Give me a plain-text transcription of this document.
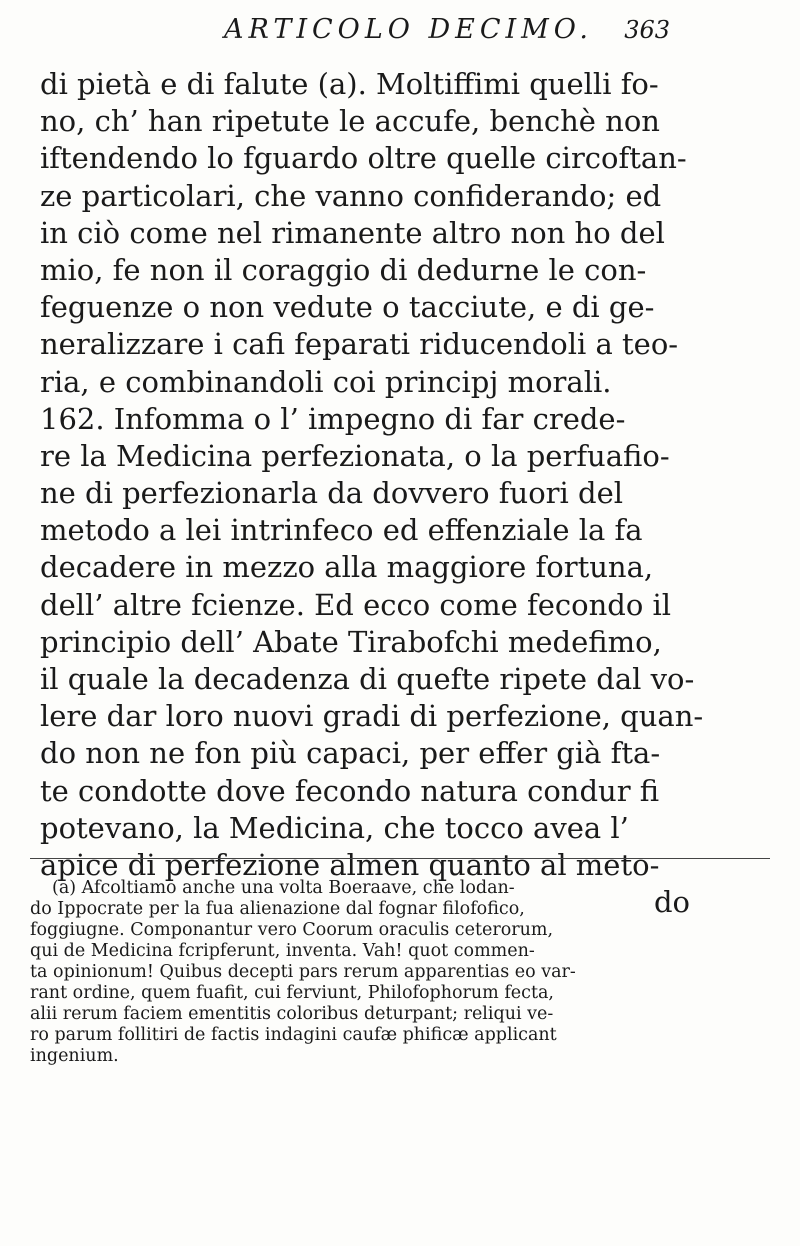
ARTICOLO DECIMO. 363
di pietà e di falute (a). Moltiffimi quelli fo-
no, ch’ han ripetute le accufe, benchè non
iftendendo lo fguardo oltre quelle circoftan-
ze particolari, che vanno confiderando; ed
in ciò come nel rimanente altro non ho del
mio, fe non il coraggio di dedurne le con-
feguenze o non vedute o tacciute, e di ge-
neralizzare i cafi feparati riducendoli a teo-
ria, e combinandoli coi principj morali.
162. Infomma o l’ impegno di far crede-
re la Medicina perfezionata, o la perfuafio-
ne di perfezionarla da dovvero fuori del
metodo a lei intrinfeco ed effenziale la fa
decadere in mezzo alla maggiore fortuna,
dell’ altre fcienze. Ed ecco come fecondo il
principio dell’ Abate Tirabofchi medefimo,
il quale la decadenza di quefte ripete dal vo-
lere dar loro nuovi gradi di perfezione, quan-
do non ne fon più capaci, per effer già fta-
te condotte dove fecondo natura condur fi
potevano, la Medicina, che tocco avea l’
apice di perfezione almen quanto al meto-
do
(a) Afcoltiamo anche una volta Boeraave, che lodan-
do Ippocrate per la fua alienazione dal fognar filofofico,
foggiugne. Componantur vero Coorum oraculis ceterorum,
qui de Medicina fcripferunt, inventa. Vah! quot commen-
ta opinionum! Quibus decepti pars rerum apparentias eo var-
rant ordine, quem fuafit, cui ferviunt, Philofophorum fecta,
alii rerum faciem ementitis coloribus deturpant; reliqui ve-
ro parum follitiri de factis indagini caufæ phificæ applicant
ingenium.
